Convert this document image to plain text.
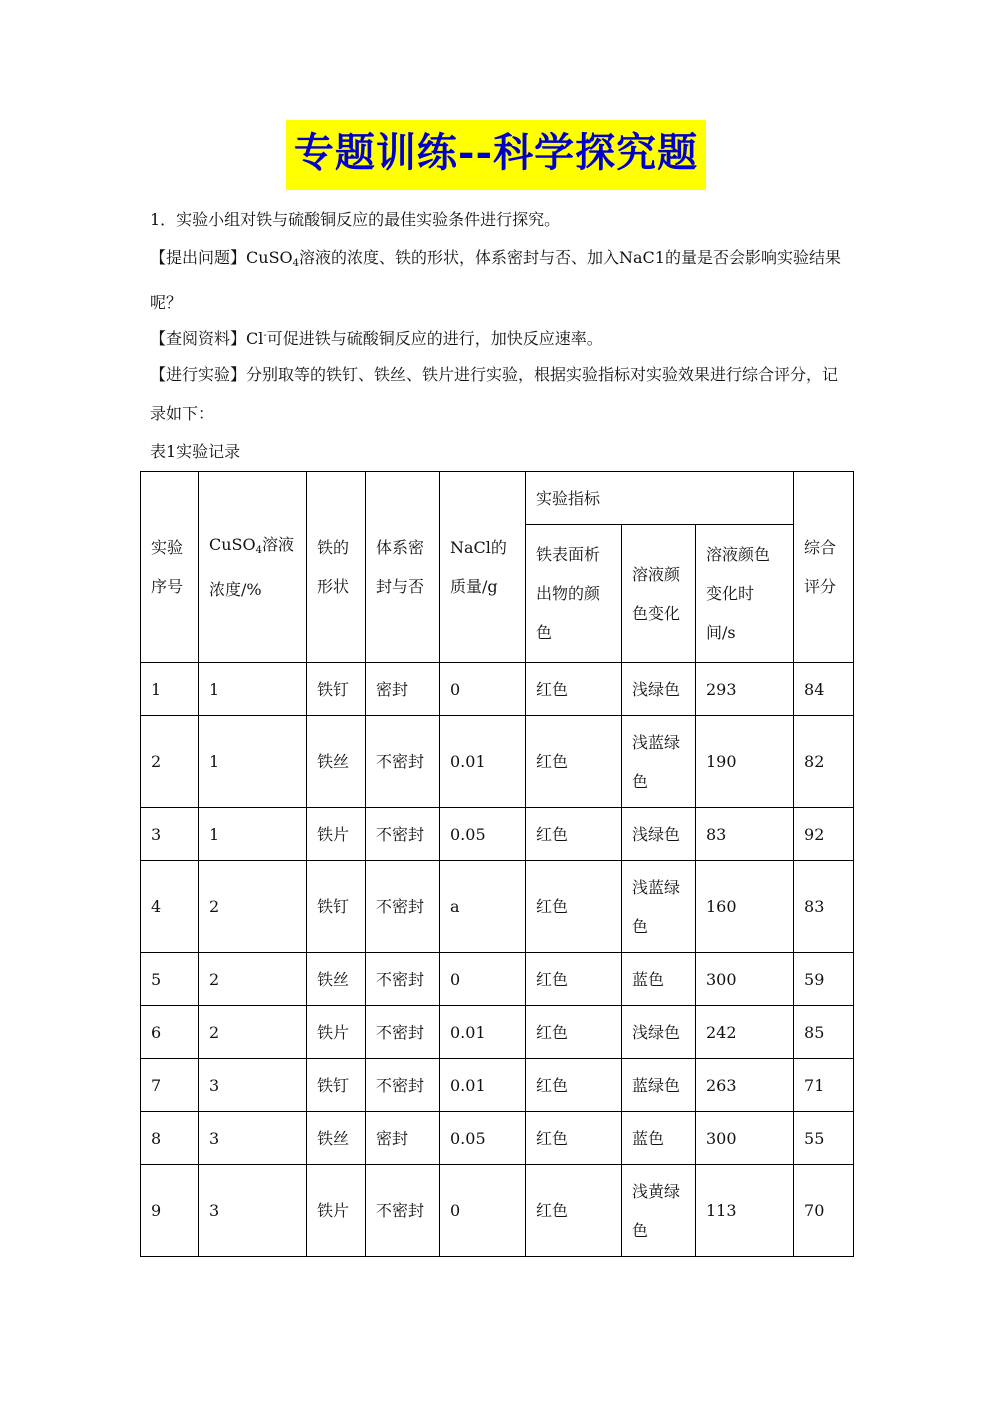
专题训练--科学探究题
1．实验小组对铁与硫酸铜反应的最佳实验条件进行探究。
【提出问题】CuSO$_4$溶液的浓度、铁的形状，体系密封与否、加入NaC1的量是否会影响实验结果呢？
【查阅资料】Cl-可促进铁与硫酸铜反应的进行，加快反应速率。
【进行实验】分别取等的铁钉、铁丝、铁片进行实验，根据实验指标对实验效果进行综合评分，记录如下：
表1实验记录
实验序号	CuSO$_4$溶液浓度/%	铁的形状	体系密封与否	NaCl的质量/g	实验指标			综合评分
					铁表面析出物的颜色	溶液颜色变化	溶液颜色变化时间/s	
1	1	铁钉	密封	0	红色	浅绿色	293	84
2	1	铁丝	不密封	0.01	红色	浅蓝绿色	190	82
3	1	铁片	不密封	0.05	红色	浅绿色	83	92
4	2	铁钉	不密封	a	红色	浅蓝绿色	160	83
5	2	铁丝	不密封	0	红色	蓝色	300	59
6	2	铁片	不密封	0.01	红色	浅绿色	242	85
7	3	铁钉	不密封	0.01	红色	蓝绿色	263	71
8	3	铁丝	密封	0.05	红色	蓝色	300	55
9	3	铁片	不密封	0	红色	浅黄绿色	113	70
